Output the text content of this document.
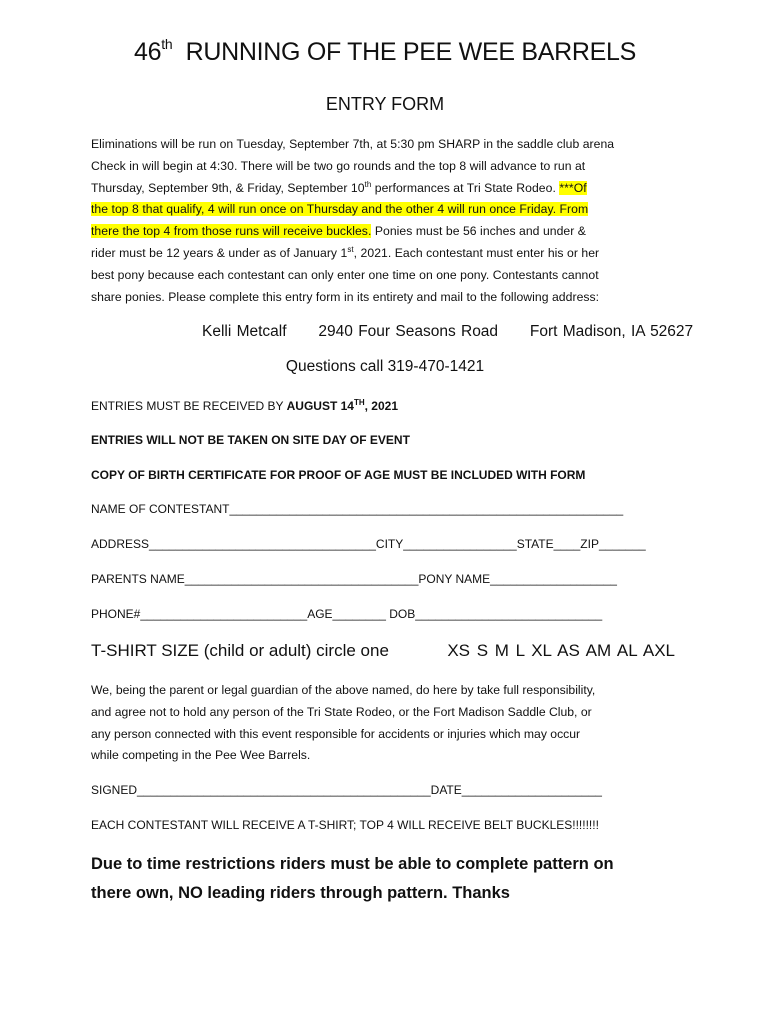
46th RUNNING OF THE PEE WEE BARRELS
ENTRY FORM
Eliminations will be run on Tuesday, September 7th, at 5:30 pm SHARP in the saddle club arena
Check in will begin at 4:30. There will be two go rounds and the top 8 will advance to run at
Thursday, September 9th, & Friday, September 10th performances at Tri State Rodeo. ***Of
the top 8 that qualify, 4 will run once on Thursday and the other 4 will run once Friday. From
there the top 4 from those runs will receive buckles. Ponies must be 56 inches and under &
rider must be 12 years & under as of January 1st, 2021. Each contestant must enter his or her
best pony because each contestant can only enter one time on one pony. Contestants cannot
share ponies. Please complete this entry form in its entirety and mail to the following address:
Kelli Metcalf 2940 Four Seasons Road Fort Madison, IA 52627
Questions call 319-470-1421
ENTRIES MUST BE RECEIVED BY AUGUST 14TH, 2021
ENTRIES WILL NOT BE TAKEN ON SITE DAY OF EVENT
COPY OF BIRTH CERTIFICATE FOR PROOF OF AGE MUST BE INCLUDED WITH FORM
NAME OF CONTESTANT___________________________________________________________
ADDRESS__________________________________CITY_________________STATE____ZIP_______
PARENTS NAME___________________________________PONY NAME___________________
PHONE#_________________________AGE________ DOB____________________________
T-SHIRT SIZE (child or adult) circle one	XS S M L XL AS AM AL AXL
We, being the parent or legal guardian of the above named, do here by take full responsibility,
and agree not to hold any person of the Tri State Rodeo, or the Fort Madison Saddle Club, or
any person connected with this event responsible for accidents or injuries which may occur
while competing in the Pee Wee Barrels.
SIGNED____________________________________________DATE_____________________
EACH CONTESTANT WILL RECEIVE A T-SHIRT; TOP 4 WILL RECEIVE BELT BUCKLES!!!!!!!!
Due to time restrictions riders must be able to complete pattern on
there own, NO leading riders through pattern. Thanks
